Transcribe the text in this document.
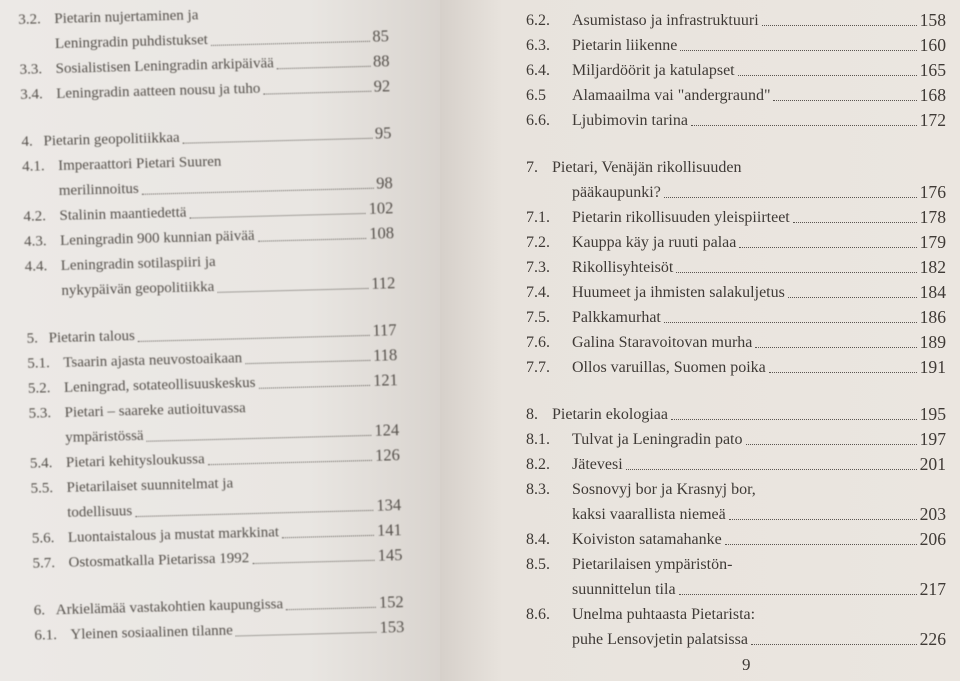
3.2. Pietarin nujertaminen ja
Leningradin puhdistukset	85
3.3. Sosialistisen Leningradin arkipäivää	88
3.4. Leningradin aatteen nousu ja tuho	92
4. Pietarin geopolitiikkaa	95
4.1. Imperaattori Pietari Suuren
merilinnoitus	98
4.2. Stalinin maantiedettä	102
4.3. Leningradin 900 kunnian päivää	108
4.4. Leningradin sotilaspiiri ja
nykypäivän geopolitiikka	112
5. Pietarin talous	117
5.1. Tsaarin ajasta neuvostoaikaan	118
5.2. Leningrad, sotateollisuuskeskus	121
5.3. Pietari – saareke autioituvassa
ympäristössä	124
5.4. Pietari kehitysloukussa	126
5.5. Pietarilaiset suunnitelmat ja
todellisuus	134
5.6. Luontaistalous ja mustat markkinat	141
5.7. Ostosmatkalla Pietarissa 1992	145
6. Arkielämää vastakohtien kaupungissa	152
6.1. Yleinen sosiaalinen tilanne	153
6.2.	Asumistaso ja infrastruktuuri	158
6.3.	Pietarin liikenne	160
6.4.	Miljardöörit ja katulapset	165
6.5	Alamaailma vai "andergraund"	168
6.6.	Ljubimovin tarina	172
7. Pietari, Venäjän rikollisuuden
pääkaupunki?	176
7.1.	Pietarin rikollisuuden yleispiirteet	178
7.2.	Kauppa käy ja ruuti palaa	179
7.3.	Rikollisyhteisöt	182
7.4.	Huumeet ja ihmisten salakuljetus	184
7.5.	Palkkamurhat	186
7.6.	Galina Staravoitovan murha	189
7.7.	Ollos varuillas, Suomen poika	191
8. Pietarin ekologiaa	195
8.1.	Tulvat ja Leningradin pato	197
8.2.	Jätevesi	201
8.3.	Sosnovyj bor ja Krasnyj bor,
kaksi vaarallista niemeä	203
8.4.	Koiviston satamahanke	206
8.5.	Pietarilaisen ympäristön-
suunnittelun tila	217
8.6.	Unelma puhtaasta Pietarista:
puhe Lensovjetin palatsissa	226
9
